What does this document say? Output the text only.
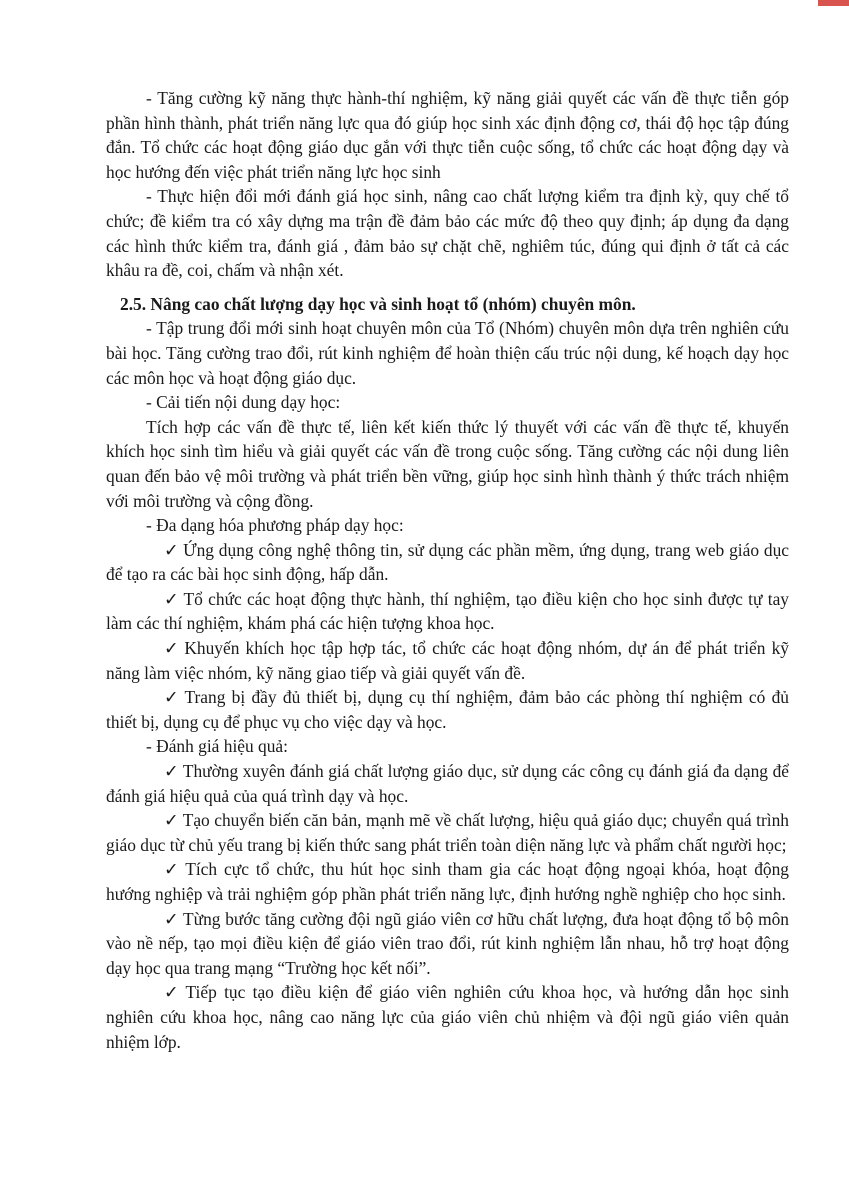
- Tăng cường kỹ năng thực hành-thí nghiệm, kỹ năng giải quyết các vấn đề thực tiễn góp phần hình thành, phát triển năng lực qua đó giúp học sinh xác định động cơ, thái độ học tập đúng đắn. Tổ chức các hoạt động giáo dục gắn với thực tiễn cuộc sống, tổ chức các hoạt động dạy và học hướng đến việc phát triển năng lực học sinh

- Thực hiện đổi mới đánh giá học sinh, nâng cao chất lượng kiểm tra định kỳ, quy chế tổ chức; đề kiểm tra có xây dựng ma trận đề đảm bảo các mức độ theo quy định; áp dụng đa dạng các hình thức kiểm tra, đánh giá , đảm bảo sự chặt chẽ, nghiêm túc, đúng qui định ở tất cả các khâu ra đề, coi, chấm và nhận xét.

2.5. Nâng cao chất lượng dạy học và sinh hoạt tổ (nhóm) chuyên môn.

- Tập trung đổi mới sinh hoạt chuyên môn của Tổ (Nhóm) chuyên môn dựa trên nghiên cứu bài học. Tăng cường trao đổi, rút kinh nghiệm để hoàn thiện cấu trúc nội dung, kế hoạch dạy học các môn học và hoạt động giáo dục.

- Cải tiến nội dung dạy học:

Tích hợp các vấn đề thực tế, liên kết kiến thức lý thuyết với các vấn đề thực tế, khuyến khích học sinh tìm hiểu và giải quyết các vấn đề trong cuộc sống. Tăng cường các nội dung liên quan đến bảo vệ môi trường và phát triển bền vững, giúp học sinh hình thành ý thức trách nhiệm với môi trường và cộng đồng.

- Đa dạng hóa phương pháp dạy học:

✓ Ứng dụng công nghệ thông tin, sử dụng các phần mềm, ứng dụng, trang web giáo dục để tạo ra các bài học sinh động, hấp dẫn.

✓ Tổ chức các hoạt động thực hành, thí nghiệm, tạo điều kiện cho học sinh được tự tay làm các thí nghiệm, khám phá các hiện tượng khoa học.

✓ Khuyến khích học tập hợp tác, tổ chức các hoạt động nhóm, dự án để phát triển kỹ năng làm việc nhóm, kỹ năng giao tiếp và giải quyết vấn đề.

✓ Trang bị đầy đủ thiết bị, dụng cụ thí nghiệm, đảm bảo các phòng thí nghiệm có đủ thiết bị, dụng cụ để phục vụ cho việc dạy và học.

- Đánh giá hiệu quả:

✓ Thường xuyên đánh giá chất lượng giáo dục, sử dụng các công cụ đánh giá đa dạng để đánh giá hiệu quả của quá trình dạy và học.

✓ Tạo chuyển biến căn bản, mạnh mẽ về chất lượng, hiệu quả giáo dục; chuyển quá trình giáo dục từ chủ yếu trang bị kiến thức sang phát triển toàn diện năng lực và phẩm chất người học;

✓ Tích cực tổ chức, thu hút học sinh tham gia các hoạt động ngoại khóa, hoạt động hướng nghiệp và trải nghiệm góp phần phát triển năng lực, định hướng nghề nghiệp cho học sinh.

✓ Từng bước tăng cường đội ngũ giáo viên cơ hữu chất lượng, đưa hoạt động tổ bộ môn vào nề nếp, tạo mọi điều kiện để giáo viên trao đổi, rút kinh nghiệm lẫn nhau, hỗ trợ hoạt động dạy học qua trang mạng “Trường học kết nối”.

✓ Tiếp tục tạo điều kiện để giáo viên nghiên cứu khoa học, và hướng dẫn học sinh nghiên cứu khoa học, nâng cao năng lực của giáo viên chủ nhiệm và đội ngũ giáo viên quản nhiệm lớp.
